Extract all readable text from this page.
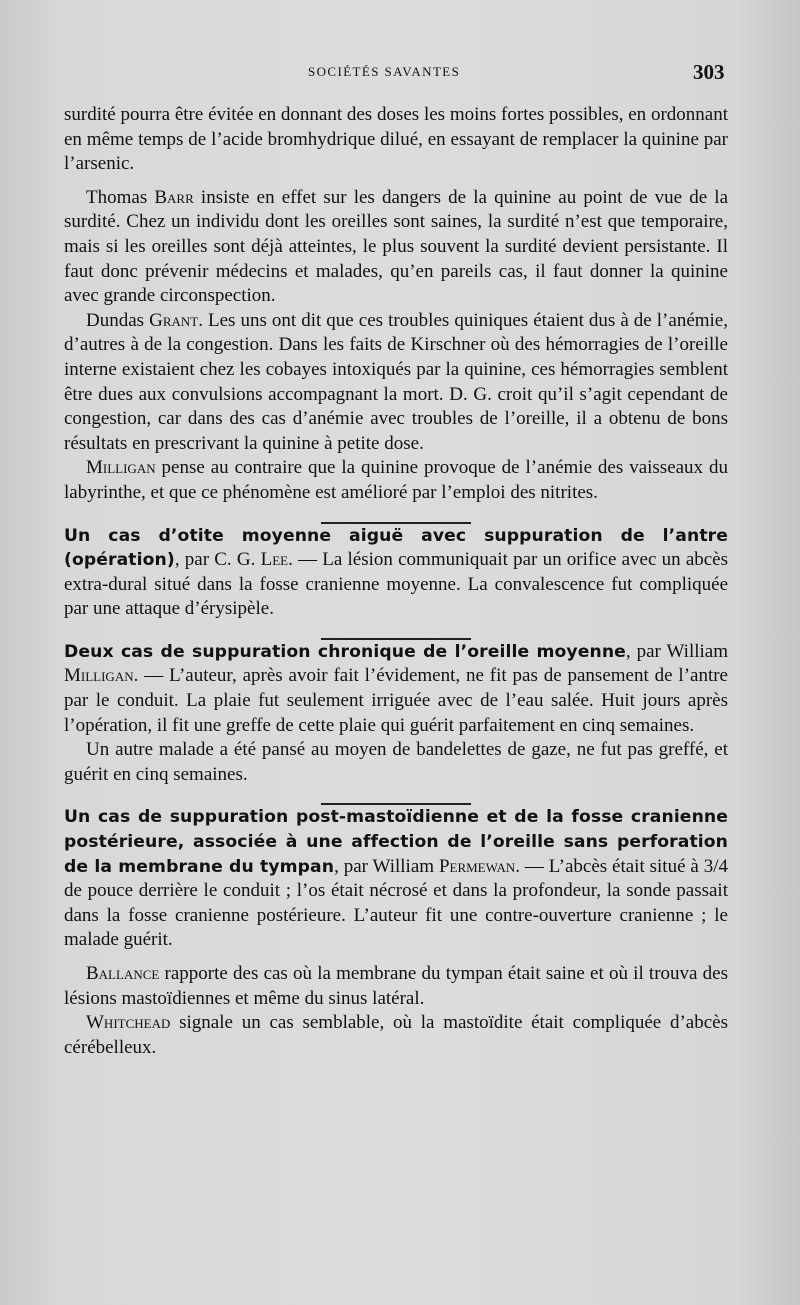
SOCIÉTÉS SAVANTES	303

surdité pourra être évitée en donnant des doses les moins fortes possibles, en ordonnant en même temps de l’acide bromhydrique dilué, en essayant de remplacer la quinine par l’arsenic.

Thomas Barr insiste en effet sur les dangers de la quinine au point de vue de la surdité. Chez un individu dont les oreilles sont saines, la surdité n’est que temporaire, mais si les oreilles sont déjà atteintes, le plus souvent la surdité devient persistante. Il faut donc prévenir médecins et malades, qu’en pareils cas, il faut donner la quinine avec grande circonspection.

Dundas Grant. Les uns ont dit que ces troubles quiniques étaient dus à de l’anémie, d’autres à de la congestion. Dans les faits de Kirschner où des hémorragies de l’oreille interne existaient chez les cobayes intoxiqués par la quinine, ces hémorragies semblent être dues aux convulsions accompagnant la mort. D. G. croit qu’il s’agit cependant de congestion, car dans des cas d’anémie avec troubles de l’oreille, il a obtenu de bons résultats en prescrivant la quinine à petite dose.

Milligan pense au contraire que la quinine provoque de l’anémie des vaisseaux du labyrinthe, et que ce phénomène est amélioré par l’emploi des nitrites.

Un cas d’otite moyenne aiguë avec suppuration de l’antre (opération), par C. G. Lee. — La lésion communiquait par un orifice avec un abcès extra-dural situé dans la fosse cranienne moyenne. La convalescence fut compliquée par une attaque d’érysipèle.

Deux cas de suppuration chronique de l’oreille moyenne, par William Milligan. — L’auteur, après avoir fait l’évidement, ne fit pas de pansement de l’antre par le conduit. La plaie fut seulement irriguée avec de l’eau salée. Huit jours après l’opération, il fit une greffe de cette plaie qui guérit parfaitement en cinq semaines.

Un autre malade a été pansé au moyen de bandelettes de gaze, ne fut pas greffé, et guérit en cinq semaines.

Un cas de suppuration post-mastoïdienne et de la fosse cranienne postérieure, associée à une affection de l’oreille sans perforation de la membrane du tympan, par William Permewan. — L’abcès était situé à 3/4 de pouce derrière le conduit ; l’os était nécrosé et dans la profondeur, la sonde passait dans la fosse cranienne postérieure. L’auteur fit une contre-ouverture cranienne ; le malade guérit.

Ballance rapporte des cas où la membrane du tympan était saine et où il trouva des lésions mastoïdiennes et même du sinus latéral.

Whitchead signale un cas semblable, où la mastoïdite était compliquée d’abcès cérébelleux.
